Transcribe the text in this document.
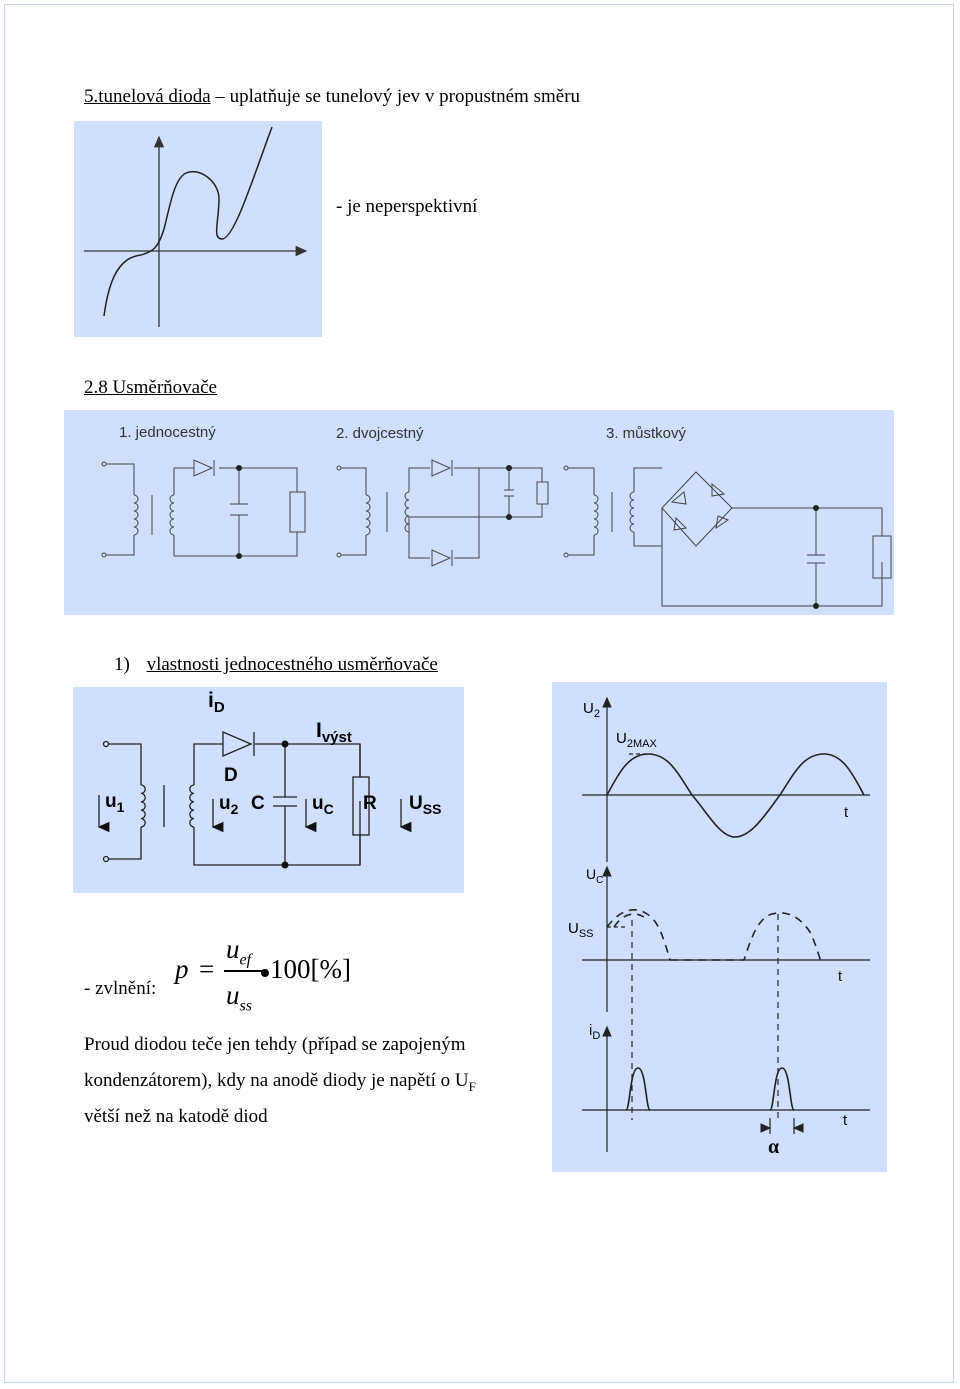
5.tunelová dioda – uplatňuje se tunelový jev v propustném směru
- je neperspektivní
2.8 Usměrňovače
1. jednocestný	2. dvojcestný	3. můstkový
1) vlastnosti jednocestného usměrňovače
$i_D$
$I_{výst}$
D
$u_1$	$u_2$ C $u_C$ R $U_{SS}$
$U_2$
$U_{2MAX}$
t
$U_C$
$U_{SS}$
t
$i_D$
t
α
- zvlnění:
p =
$u_{ef}$
$u_{ss}$
100[%]
Proud diodou teče jen tehdy (případ se zapojeným
kondenzátorem), kdy na anodě diody je napětí o $U_F$
větší než na katodě diod
